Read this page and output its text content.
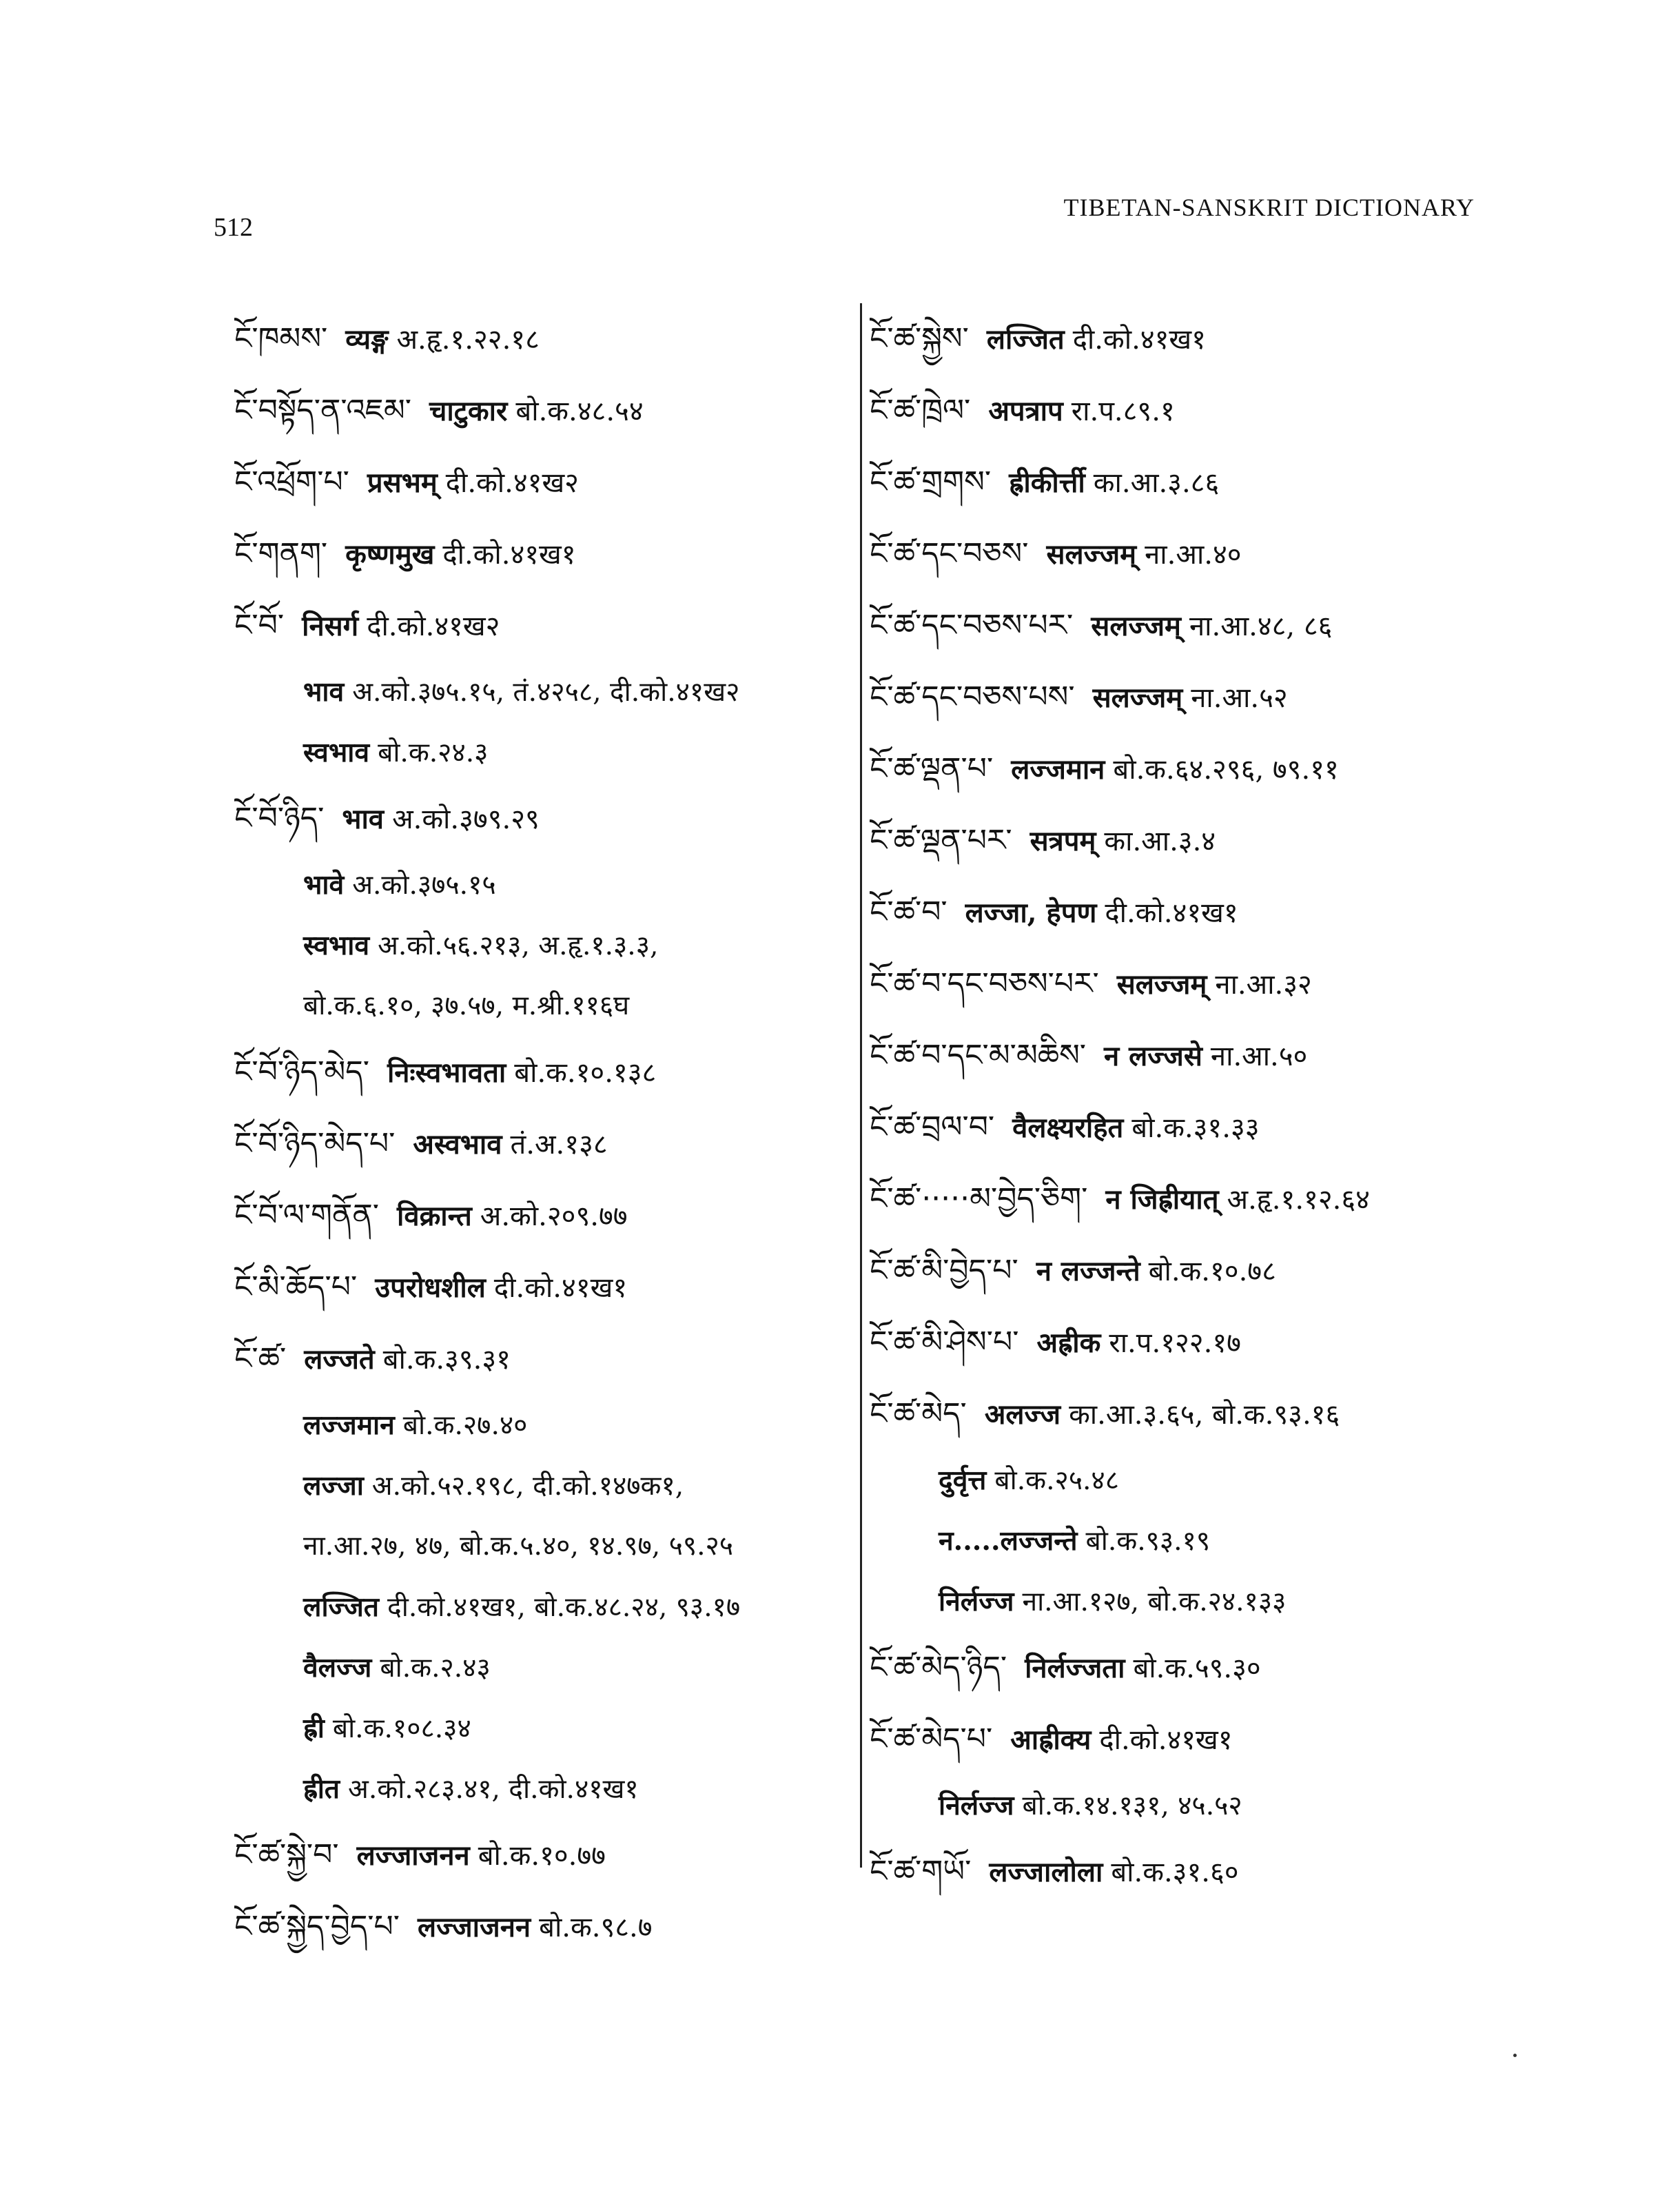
512
TIBETAN-SANSKRIT DICTIONARY
ངོ་ཁམས་ व्यङ्ग अ.हृ.१.२२.१८
ངོ་བསྟོད་ན་འཇམ་ चाटुकार बो.क.४८.५४
ངོ་འཕྲོག་པ་ प्रसभम् दी.को.४१ख२
ངོ་གནག་ कृष्णमुख दी.को.४१ख१
ངོ་བོ་ निसर्ग दी.को.४१ख२
भाव अ.को.३७५.१५, तं.४२५८, दी.को.४१ख२
स्वभाव बो.क.२४.३
ངོ་བོ་ཉིད་ भाव अ.को.३७९.२९
भावे अ.को.३७५.१५
स्वभाव अ.को.५६.२१३, अ.हृ.१.३.३,
बो.क.६.१०, ३७.५७, म.श्री.११६घ
ངོ་བོ་ཉིད་མེད་ निःस्वभावता बो.क.१०.१३८
ངོ་བོ་ཉིད་མེད་པ་ अस्वभाव तं.अ.१३८
ངོ་བོ་ལ་གནོན་ विक्रान्त अ.को.२०९.७७
ངོ་མི་ཆོད་པ་ उपरोधशील दी.को.४१ख१
ངོ་ཚ་ लज्जते बो.क.३९.३१
लज्जमान बो.क.२७.४०
लज्जा अ.को.५२.१९८, दी.को.१४७क१,
ना.आ.२७, ४७, बो.क.५.४०, १४.९७, ५९.२५
लज्जित दी.को.४१ख१, बो.क.४८.२४, ९३.१७
वैलज्ज बो.क.२.४३
ह्री बो.क.१०८.३४
ह्रीत अ.को.२८३.४१, दी.को.४१ख१
ངོ་ཚ་སྐྱེ་བ་ लज्जाजनन बो.क.१०.७७
ངོ་ཚ་སྐྱེད་བྱེད་པ་ लज्जाजनन बो.क.९८.७
ངོ་ཚ་སྐྱེས་ लज्जित दी.को.४१ख१
ངོ་ཚ་ཁྲེལ་ अपत्राप रा.प.८९.१
ངོ་ཚ་གྲགས་ ह्रीकीर्त्ती का.आ.३.८६
ངོ་ཚ་དང་བཅས་ सलज्जम् ना.आ.४०
ངོ་ཚ་དང་བཅས་པར་ सलज्जम् ना.आ.४८, ८६
ངོ་ཚ་དང་བཅས་པས་ सलज्जम् ना.आ.५२
ངོ་ཚ་ལྡན་པ་ लज्जमान बो.क.६४.२९६, ७९.११
ངོ་ཚ་ལྡན་པར་ सत्रपम् का.आ.३.४
ངོ་ཚ་བ་ लज्जा, हेपण दी.को.४१ख१
ངོ་ཚ་བ་དང་བཅས་པར་ सलज्जम् ना.आ.३२
ངོ་ཚ་བ་དང་མ་མཆིས་ न लज्जसे ना.आ.५०
ངོ་ཚ་བྲལ་བ་ वैलक्ष्यरहित बो.क.३१.३३
ངོ་ཚ་·····མ་བྱེད་ཅིག་ न जिह्रीयात् अ.हृ.१.१२.६४
ངོ་ཚ་མི་བྱེད་པ་ न लज्जन्ते बो.क.१०.७८
ངོ་ཚ་མི་ཤེས་པ་ अह्रीक रा.प.१२२.१७
ངོ་ཚ་མེད་ अलज्ज का.आ.३.६५, बो.क.९३.१६
दुर्वृत्त बो.क.२५.४८
न.....लज्जन्ते बो.क.९३.१९
निर्लज्ज ना.आ.१२७, बो.क.२४.१३३
ངོ་ཚ་མེད་ཉིད་ निर्लज्जता बो.क.५९.३०
ངོ་ཚ་མེད་པ་ आह्रीक्य दी.को.४१ख१
निर्लज्ज बो.क.१४.१३१, ४५.५२
ངོ་ཚ་གཡོ་ लज्जालोला बो.क.३१.६०
